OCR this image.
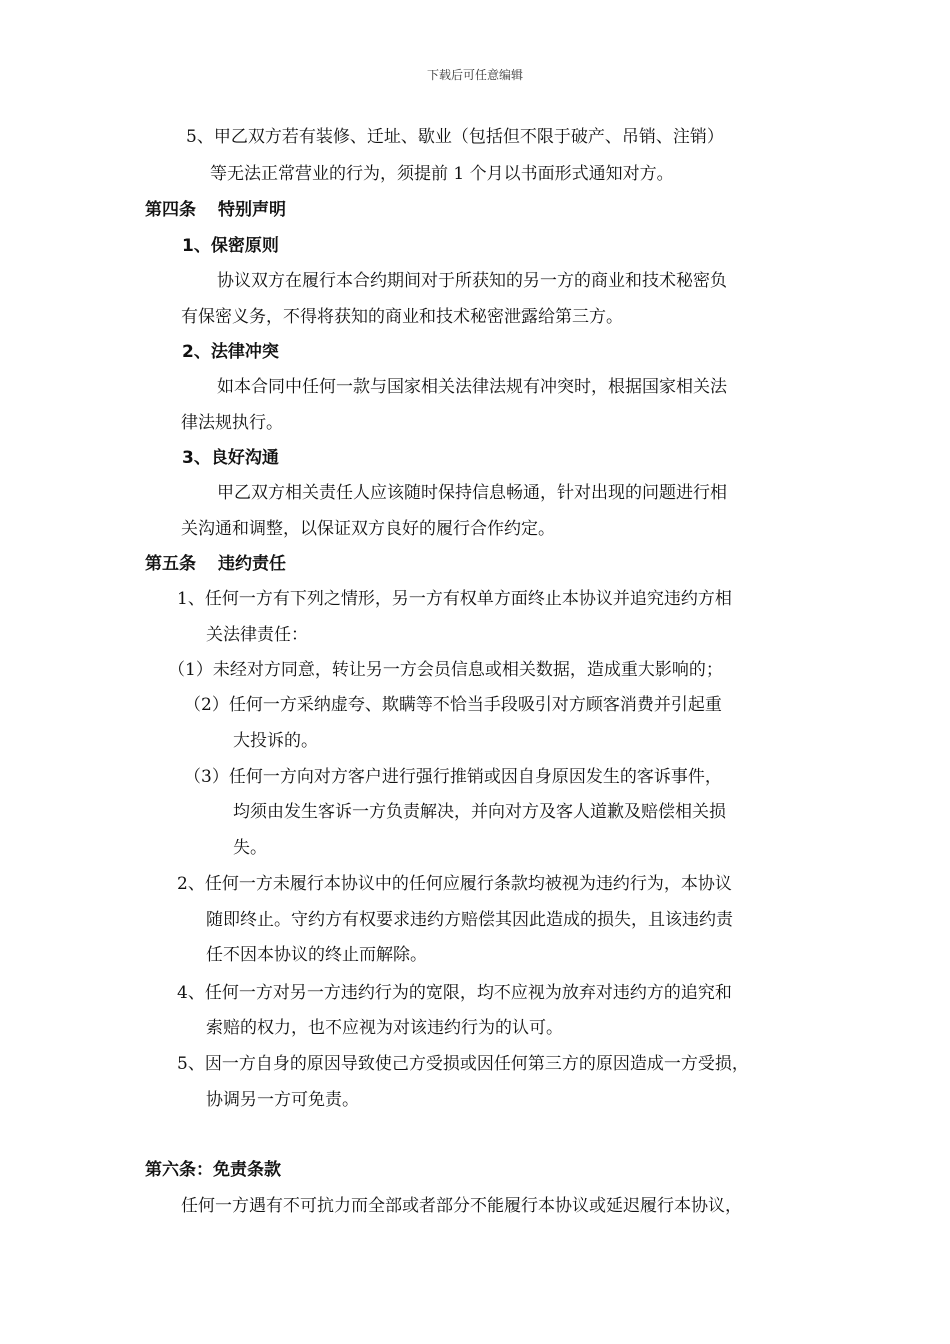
下载后可任意编辑
5、甲乙双方若有装修、迁址、歇业（包括但不限于破产、吊销、注销）
等无法正常营业的行为，须提前 1 个月以书面形式通知对方。
第四条 特别声明
1、保密原则
协议双方在履行本合约期间对于所获知的另一方的商业和技术秘密负
有保密义务，不得将获知的商业和技术秘密泄露给第三方。
2、法律冲突
如本合同中任何一款与国家相关法律法规有冲突时，根据国家相关法
律法规执行。
3、良好沟通
甲乙双方相关责任人应该随时保持信息畅通，针对出现的问题进行相
关沟通和调整，以保证双方良好的履行合作约定。
第五条 违约责任
1、任何一方有下列之情形，另一方有权单方面终止本协议并追究违约方相
关法律责任：
（1）未经对方同意，转让另一方会员信息或相关数据，造成重大影响的；
（2）任何一方采纳虚夸、欺瞒等不恰当手段吸引对方顾客消费并引起重
大投诉的。
（3）任何一方向对方客户进行强行推销或因自身原因发生的客诉事件，
均须由发生客诉一方负责解决，并向对方及客人道歉及赔偿相关损
失。
2、任何一方未履行本协议中的任何应履行条款均被视为违约行为，本协议
随即终止。守约方有权要求违约方赔偿其因此造成的损失，且该违约责
任不因本协议的终止而解除。
4、任何一方对另一方违约行为的宽限，均不应视为放弃对违约方的追究和
索赔的权力，也不应视为对该违约行为的认可。
5、因一方自身的原因导致使己方受损或因任何第三方的原因造成一方受损，
协调另一方可免责。
第六条：免责条款
任何一方遇有不可抗力而全部或者部分不能履行本协议或延迟履行本协议，
